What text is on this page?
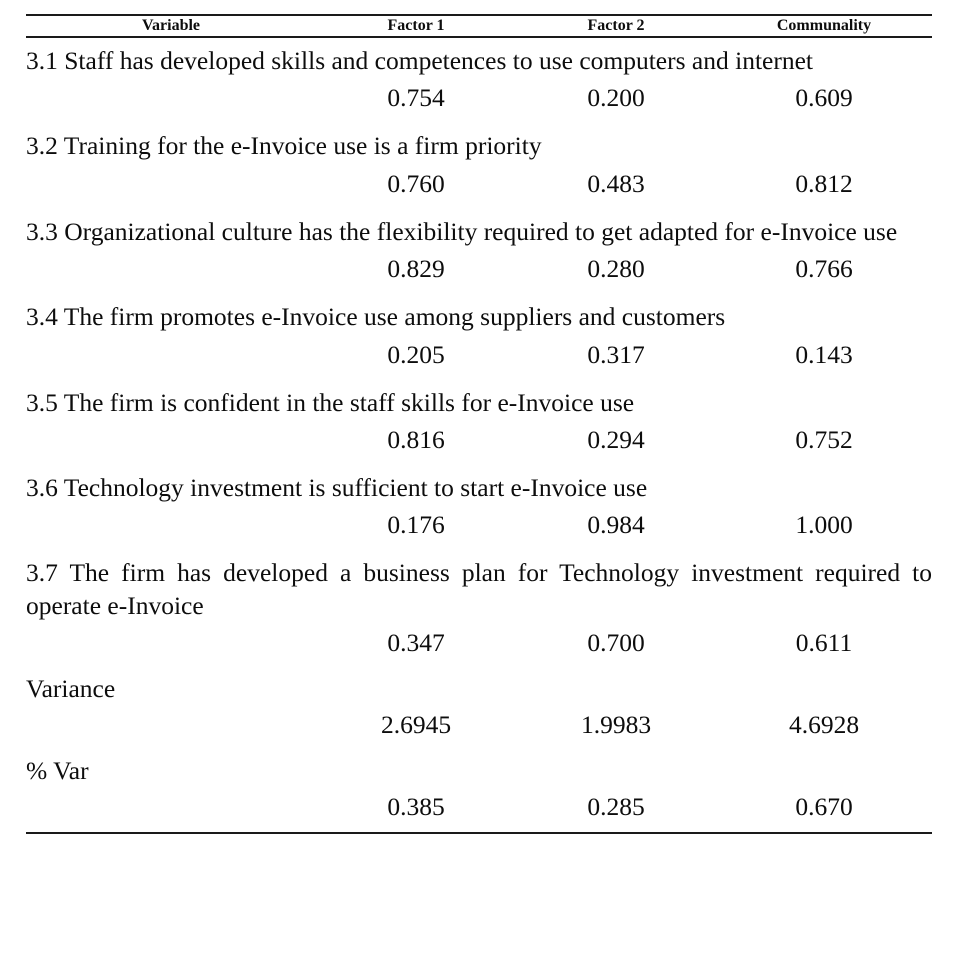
Variable	Factor 1	Factor 2	Communality

3.1 Staff has developed skills and competences to use computers and internet			
	0.754	0.200	0.609
3.2 Training for the e-Invoice use is a firm priority			
	0.760	0.483	0.812
3.3 Organizational culture has the flexibility required to get adapted for e-Invoice use			
	0.829	0.280	0.766
3.4 The firm promotes e-Invoice use among suppliers and customers			
	0.205	0.317	0.143
3.5 The firm is confident in the staff skills for e-Invoice use			
	0.816	0.294	0.752
3.6 Technology investment is sufficient to start e-Invoice use			
	0.176	0.984	1.000
3.7 The firm has developed a business plan for Technology investment required to operate e-Invoice			
	0.347	0.700	0.611
Variance			
	2.6945	1.9983	4.6928
% Var			
	0.385	0.285	0.670
